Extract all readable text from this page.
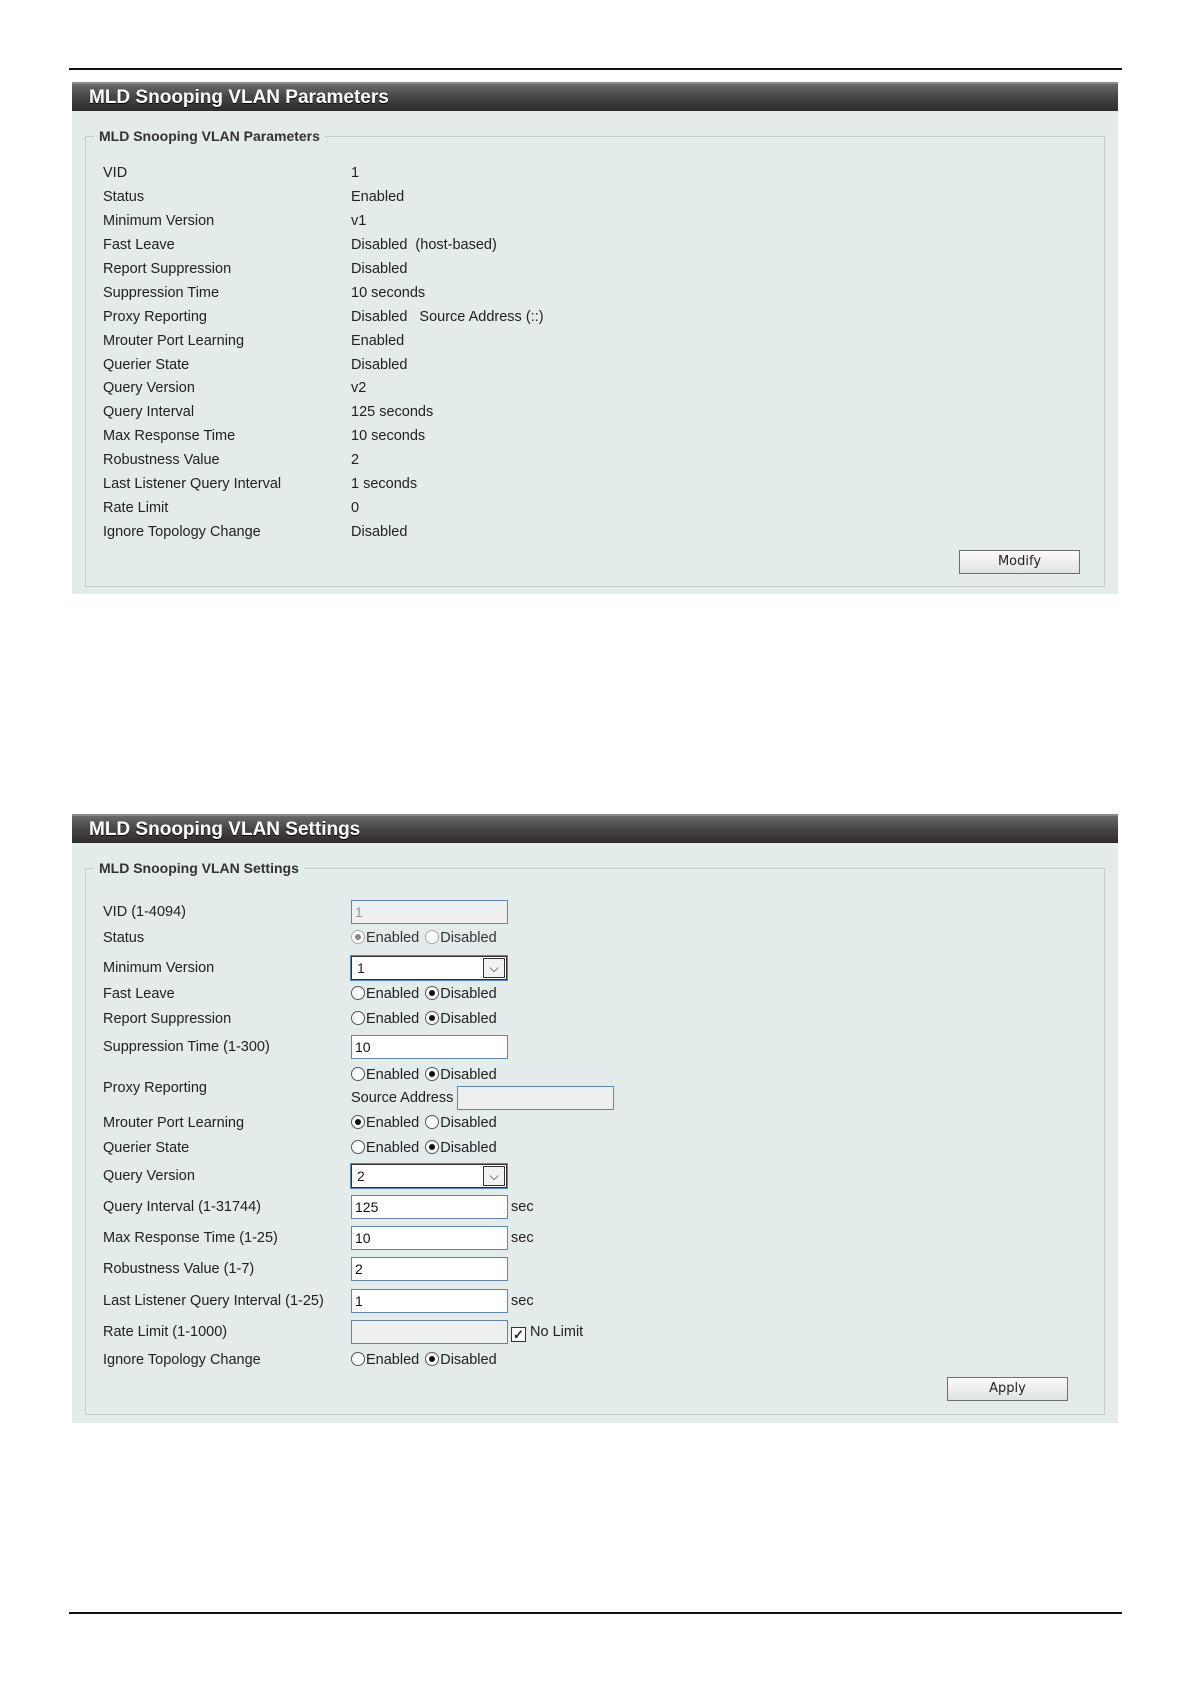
MLD Snooping VLAN Parameters
MLD Snooping VLAN Parameters
VID	1
Status	Enabled
Minimum Version	v1
Fast Leave	Disabled (host-based)
Report Suppression	Disabled
Suppression Time	10 seconds
Proxy Reporting	Disabled Source Address (::)
Mrouter Port Learning	Enabled
Querier State	Disabled
Query Version	v2
Query Interval	125 seconds
Max Response Time	10 seconds
Robustness Value	2
Last Listener Query Interval	1 seconds
Rate Limit	0
Ignore Topology Change	Disabled
Modify
MLD Snooping VLAN Settings
MLD Snooping VLAN Settings
VID (1-4094)	1
Status	Enabled Disabled
Minimum Version	1	⌵
Fast Leave	Enabled Disabled
Report Suppression	Enabled Disabled
Suppression Time (1-300)	10
Proxy Reporting
Enabled Disabled
Source Address
Mrouter Port Learning	Enabled Disabled
Querier State	Enabled Disabled
Query Version	2	⌵
Query Interval (1-31744)	125	sec
Max Response Time (1-25)	10	sec
Robustness Value (1-7)	2
Last Listener Query Interval (1-25)	1	sec
Rate Limit (1-1000)	✓ No Limit
Ignore Topology Change	Enabled Disabled
Apply
